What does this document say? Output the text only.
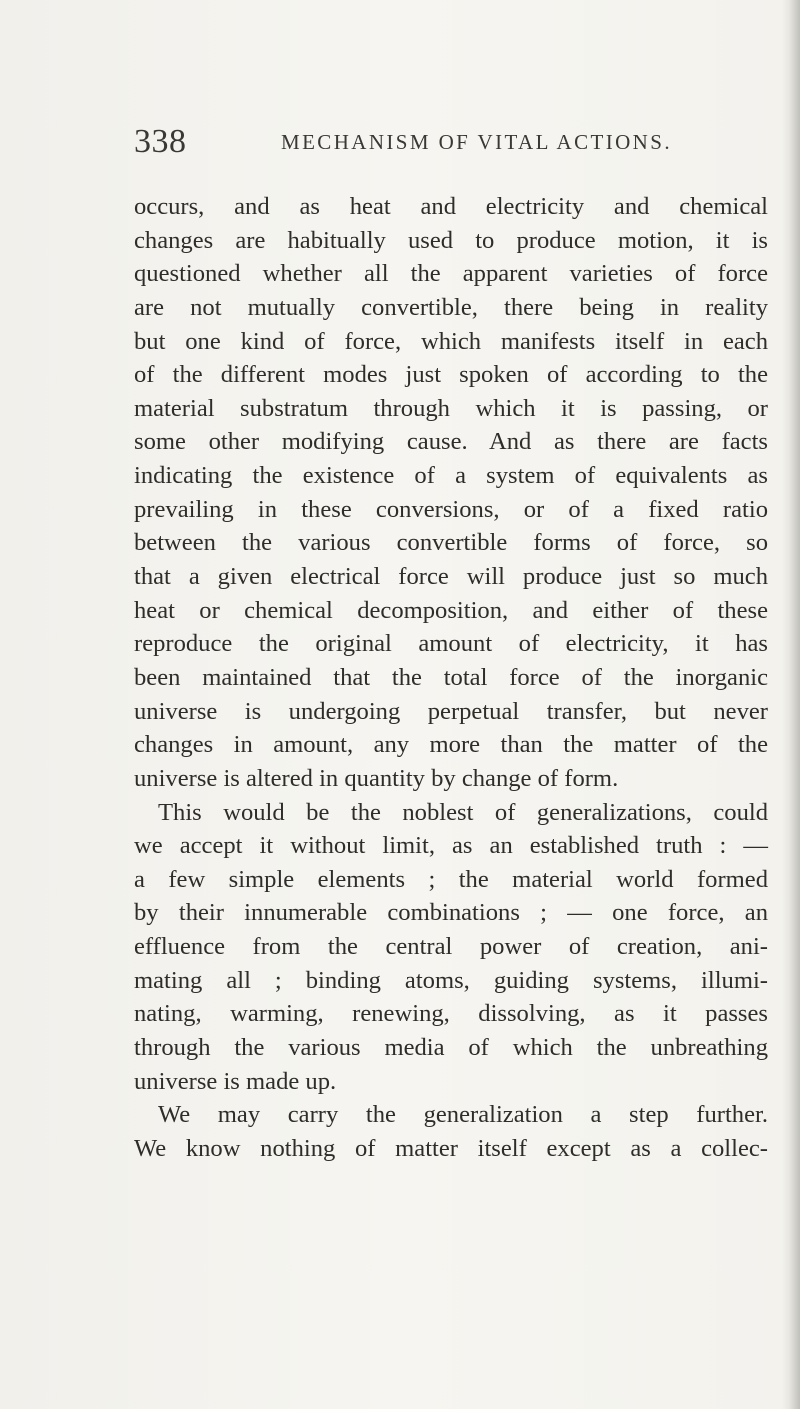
338	MECHANISM OF VITAL ACTIONS.
occurs, and as heat and electricity and chemical
changes are habitually used to produce motion, it is
questioned whether all the apparent varieties of force
are not mutually convertible, there being in reality
but one kind of force, which manifests itself in each
of the different modes just spoken of according to the
material substratum through which it is passing, or
some other modifying cause. And as there are facts
indicating the existence of a system of equivalents as
prevailing in these conversions, or of a fixed ratio
between the various convertible forms of force, so
that a given electrical force will produce just so much
heat or chemical decomposition, and either of these
reproduce the original amount of electricity, it has
been maintained that the total force of the inorganic
universe is undergoing perpetual transfer, but never
changes in amount, any more than the matter of the
universe is altered in quantity by change of form.
This would be the noblest of generalizations, could
we accept it without limit, as an established truth : —
a few simple elements ; the material world formed
by their innumerable combinations ; — one force, an
effluence from the central power of creation, ani-
mating all ; binding atoms, guiding systems, illumi-
nating, warming, renewing, dissolving, as it passes
through the various media of which the unbreathing
universe is made up.
We may carry the generalization a step further.
We know nothing of matter itself except as a collec-
